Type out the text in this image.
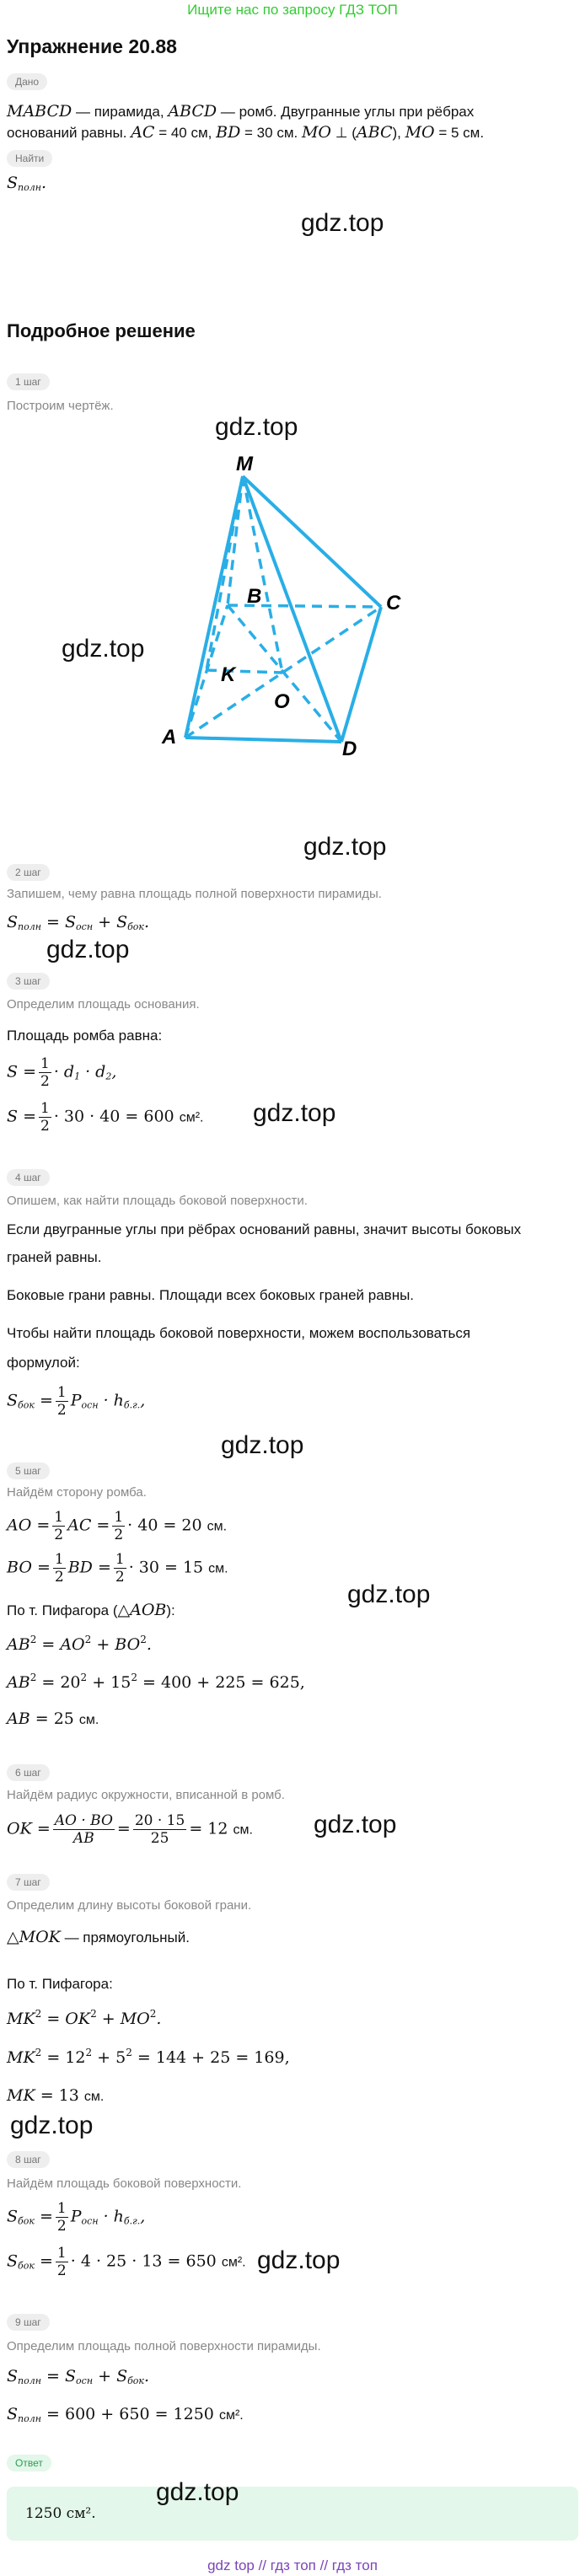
Ищите нас по запросу ГДЗ ТОП
Упражнение 20.88
Дано
MABCD — пирамида, ABCD — ромб. Двугранные углы при рёбрах
оснований равны. AC = 40 см, BD = 30 см. MO ⊥ (ABC), MO = 5 см.
Найти
$S_{полн}$.
gdz.top
Подробное решение
1 шаг
Построим чертёж.
gdz.top
gdz.top
M
B	C
K
O
A
D
gdz.top
2 шаг
Запишем, чему равна площадь полной поверхности пирамиды.
$S_{полн} = S_{осн} + S_{бок}$.
gdz.top
3 шаг
Определим площадь основания.
Площадь ромба равна:
$S = \frac{1}{2} \cdot d_1 \cdot d_2$,
$S = \frac{1}{2} \cdot 30 \cdot 40 = 600$ см². gdz.top
4 шаг
Опишем, как найти площадь боковой поверхности.
Если двугранные углы при рёбрах оснований равны, значит высоты боковых
граней равны.
Боковые грани равны. Площади всех боковых граней равны.
Чтобы найти площадь боковой поверхности, можем воспользоваться
формулой:
$S_{бок} = \frac{1}{2} P_{осн} \cdot h_{б.г.}$,
gdz.top
5 шаг
Найдём сторону ромба.
AO = $\frac{1}{2}$ AC = $\frac{1}{2} \cdot 40 = 20$ см.
BO = $\frac{1}{2}$ BD = $\frac{1}{2} \cdot 30 = 15$ см.
gdz.top
По т. Пифагора (△AOB):
$AB^2 = AO^2 + BO^2$.
$AB^2 = 20^2 + 15^2 = 400 + 225 = 625$,
AB = 25 см.
6 шаг
Найдём радиус окружности, вписанной в ромб.
OK = $\frac{AO \cdot BO}{AB} = \frac{20 \cdot 15}{25} = 12$ см. gdz.top
7 шаг
Определим длину высоты боковой грани.
△MOK — прямоугольный.
По т. Пифагора:
$MK^2 = OK^2 + MO^2$.
$MK^2 = 12^2 + 5^2 = 144 + 25 = 169$,
MK = 13 см.
gdz.top
8 шаг
Найдём площадь боковой поверхности.
$S_{бок} = \frac{1}{2} P_{осн} \cdot h_{б.г.}$,
$S_{бок} = \frac{1}{2} \cdot 4 \cdot 25 \cdot 13 = 650$ см². gdz.top
9 шаг
Определим площадь полной поверхности пирамиды.
$S_{полн} = S_{осн} + S_{бок}$.
$S_{полн} = 600 + 650 = 1250$ см².
Ответ
1250 см².
gdz.top
gdz top // гдз топ // гдз топ
